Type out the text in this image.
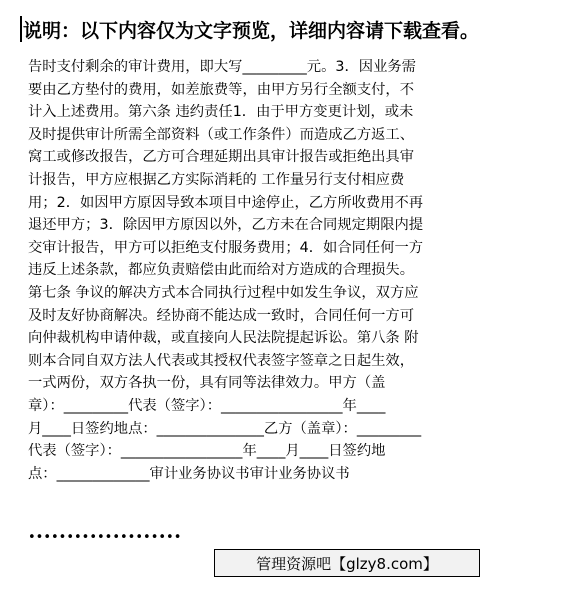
说明：以下内容仅为文字预览，详细内容请下载查看。
告时支付剩余的审计费用，即大写_________元。3．因业务需
要由乙方垫付的费用，如差旅费等，由甲方另行全额支付，不
计入上述费用。第六条 违约责任1．由于甲方变更计划，或未
及时提供审计所需全部资料（或工作条件）而造成乙方返工、
窝工或修改报告，乙方可合理延期出具审计报告或拒绝出具审
计报告，甲方应根据乙方实际消耗的 工作量另行支付相应费
用；2．如因甲方原因导致本项目中途停止，乙方所收费用不再
退还甲方；3．除因甲方原因以外，乙方未在合同规定期限内提
交审计报告，甲方可以拒绝支付服务费用；4．如合同任何一方
违反上述条款，都应负责赔偿由此而给对方造成的合理损失。
第七条 争议的解决方式本合同执行过程中如发生争议，双方应
及时友好协商解决。经协商不能达成一致时，合同任何一方可
向仲裁机构申请仲裁，或直接向人民法院提起诉讼。第八条 附
则本合同自双方法人代表或其授权代表签字签章之日起生效，
一式两份，双方各执一份，具有同等法律效力。甲方（盖
章）：_________代表（签字）：_________________年____
月____日签约地点：_______________乙方（盖章）：_________
代表（签字）：_________________年____月____日签约地
点：_____________审计业务协议书审计业务协议书
••••••••••••••••••••
管理资源吧【glzy8.com】
